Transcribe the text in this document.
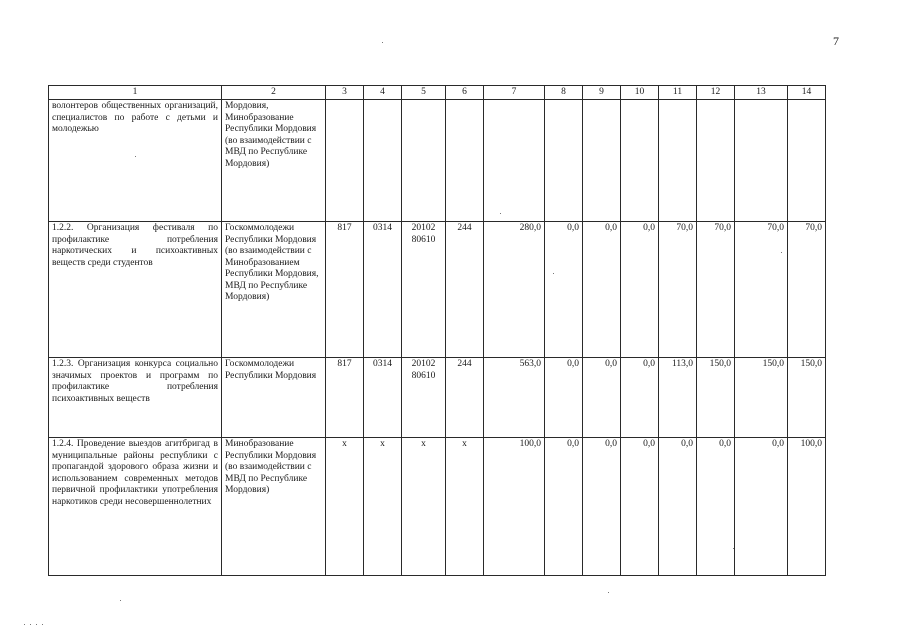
7
1	2	3	4	5	6	7	8	9	10	11	12	13	14
волонтеров общественных организаций, специалистов по работе с детьми и молодежью	Мордовия, Минобразование Республики Мордовия (во взаимодействии с МВД по Республике Мордовия)												
1.2.2. Организация фестиваля по профилактике потребления наркотических и психоактивных веществ среди студентов	Госкоммолодежи Республики Мордовия (во взаимодействии с Минобразованием Республики Мордовия, МВД по Республике Мордовия)	817	0314	20102 80610	244	280,0	0,0	0,0	0,0	70,0	70,0	70,0	70,0
1.2.3. Организация конкурса социально значимых проектов и программ по профилактике потребления психоактивных веществ	Госкоммолодежи Республики Мордовия	817	0314	20102 80610	244	563,0	0,0	0,0	0,0	113,0	150,0	150,0	150,0
1.2.4. Проведение выездов агитбригад в муниципальные районы республики с пропагандой здорового образа жизни и использованием современных методов первичной профилактики употребления наркотиков среди несовершеннолетних	Минобразование Республики Мордовия (во взаимодействии с МВД по Республике Мордовия)	х	х	х	х	100,0	0,0	0,0	0,0	0,0	0,0	0,0	100,0
